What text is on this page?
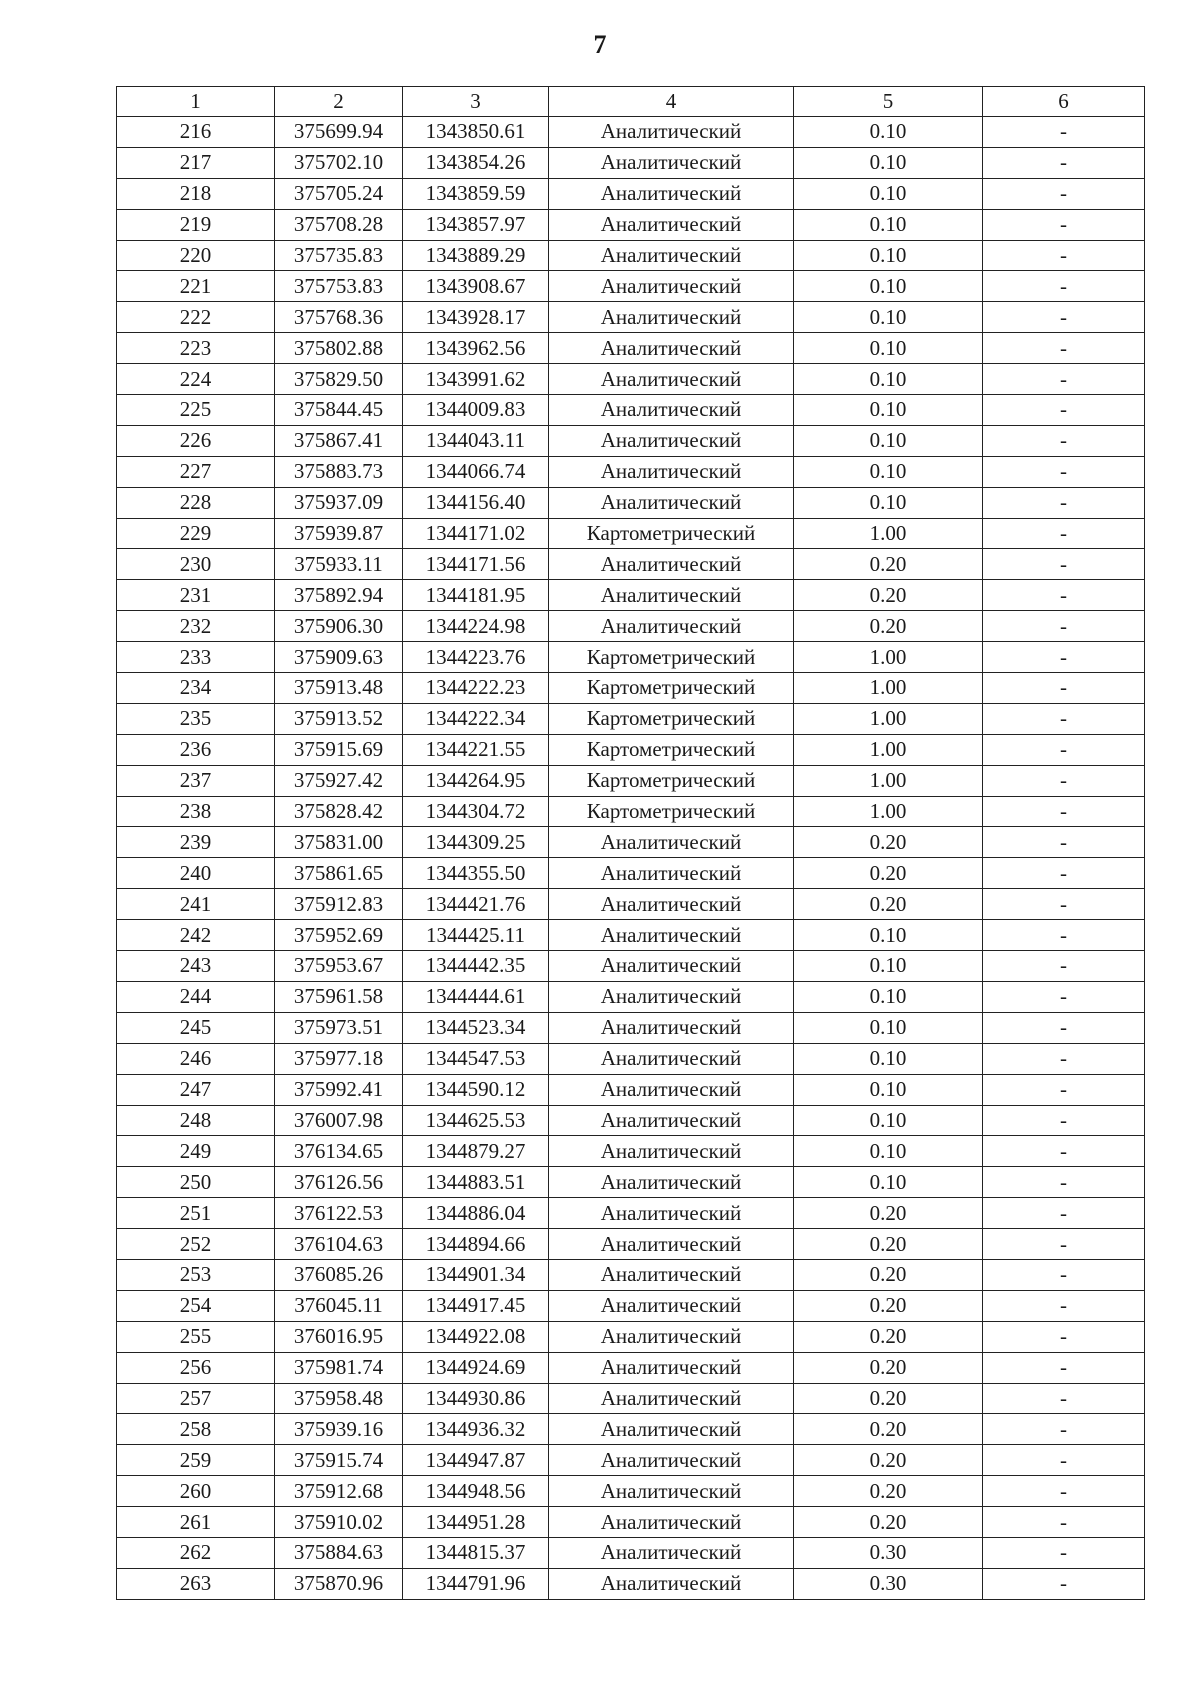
7
1	2	3	4	5	6
216	375699.94	1343850.61	Аналитический	0.10	-
217	375702.10	1343854.26	Аналитический	0.10	-
218	375705.24	1343859.59	Аналитический	0.10	-
219	375708.28	1343857.97	Аналитический	0.10	-
220	375735.83	1343889.29	Аналитический	0.10	-
221	375753.83	1343908.67	Аналитический	0.10	-
222	375768.36	1343928.17	Аналитический	0.10	-
223	375802.88	1343962.56	Аналитический	0.10	-
224	375829.50	1343991.62	Аналитический	0.10	-
225	375844.45	1344009.83	Аналитический	0.10	-
226	375867.41	1344043.11	Аналитический	0.10	-
227	375883.73	1344066.74	Аналитический	0.10	-
228	375937.09	1344156.40	Аналитический	0.10	-
229	375939.87	1344171.02	Картометрический	1.00	-
230	375933.11	1344171.56	Аналитический	0.20	-
231	375892.94	1344181.95	Аналитический	0.20	-
232	375906.30	1344224.98	Аналитический	0.20	-
233	375909.63	1344223.76	Картометрический	1.00	-
234	375913.48	1344222.23	Картометрический	1.00	-
235	375913.52	1344222.34	Картометрический	1.00	-
236	375915.69	1344221.55	Картометрический	1.00	-
237	375927.42	1344264.95	Картометрический	1.00	-
238	375828.42	1344304.72	Картометрический	1.00	-
239	375831.00	1344309.25	Аналитический	0.20	-
240	375861.65	1344355.50	Аналитический	0.20	-
241	375912.83	1344421.76	Аналитический	0.20	-
242	375952.69	1344425.11	Аналитический	0.10	-
243	375953.67	1344442.35	Аналитический	0.10	-
244	375961.58	1344444.61	Аналитический	0.10	-
245	375973.51	1344523.34	Аналитический	0.10	-
246	375977.18	1344547.53	Аналитический	0.10	-
247	375992.41	1344590.12	Аналитический	0.10	-
248	376007.98	1344625.53	Аналитический	0.10	-
249	376134.65	1344879.27	Аналитический	0.10	-
250	376126.56	1344883.51	Аналитический	0.10	-
251	376122.53	1344886.04	Аналитический	0.20	-
252	376104.63	1344894.66	Аналитический	0.20	-
253	376085.26	1344901.34	Аналитический	0.20	-
254	376045.11	1344917.45	Аналитический	0.20	-
255	376016.95	1344922.08	Аналитический	0.20	-
256	375981.74	1344924.69	Аналитический	0.20	-
257	375958.48	1344930.86	Аналитический	0.20	-
258	375939.16	1344936.32	Аналитический	0.20	-
259	375915.74	1344947.87	Аналитический	0.20	-
260	375912.68	1344948.56	Аналитический	0.20	-
261	375910.02	1344951.28	Аналитический	0.20	-
262	375884.63	1344815.37	Аналитический	0.30	-
263	375870.96	1344791.96	Аналитический	0.30	-
